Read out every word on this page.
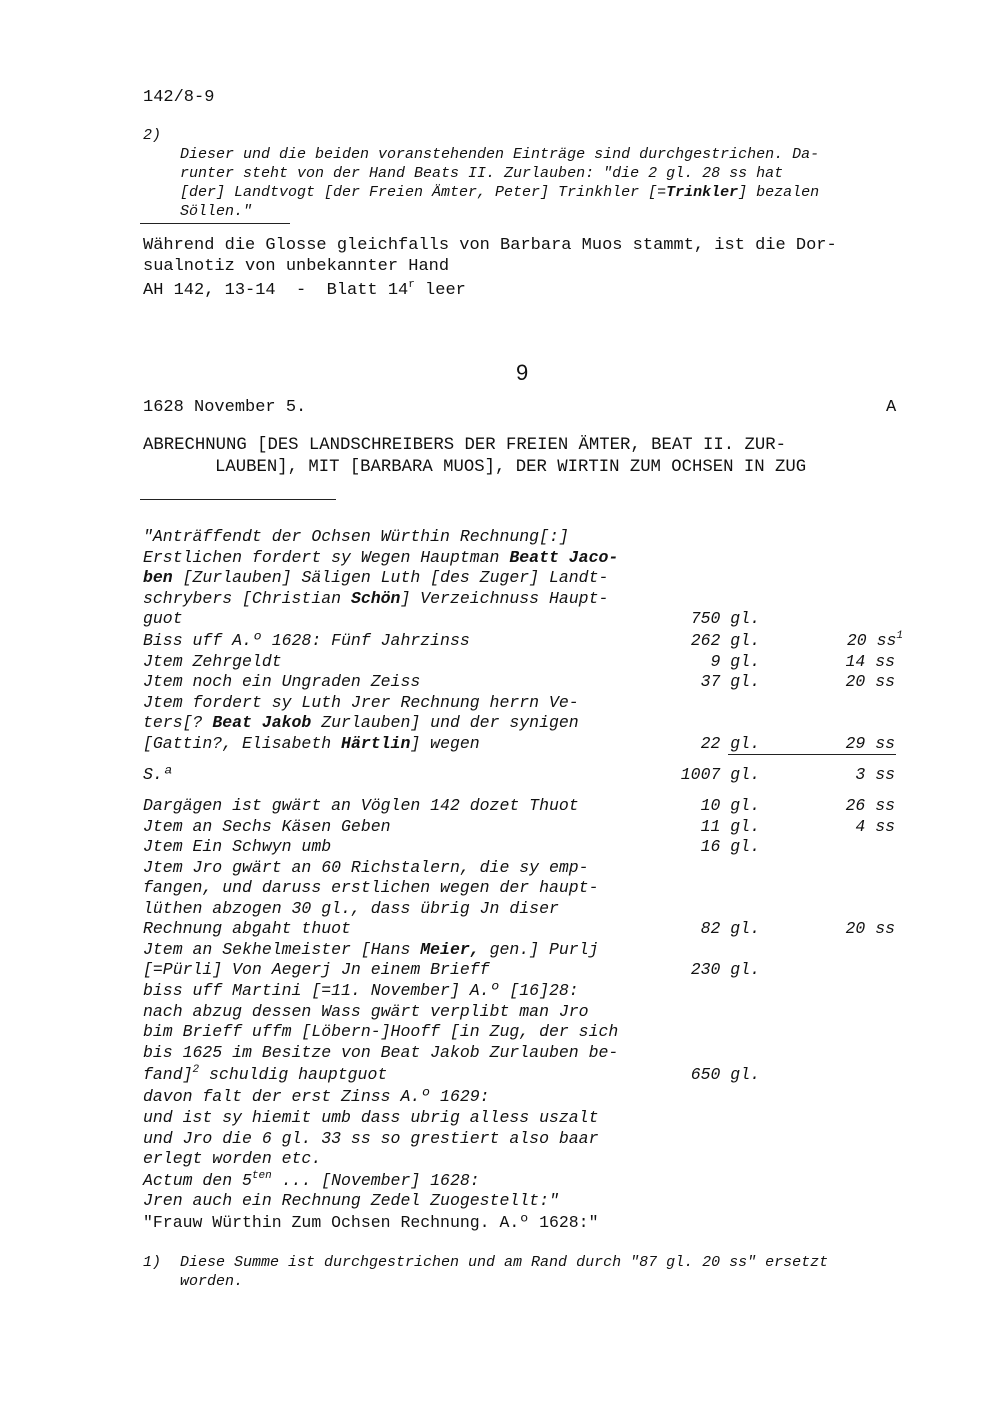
142/8-9
2)

Dieser und die beiden voranstehenden Einträge sind durchgestrichen. Da-
runter steht von der Hand Beats II. Zurlauben: "die 2 gl. 28 ss hat
[der] Landtvogt [der Freien Ämter, Peter] Trinkhler [=Trinkler] bezalen
Söllen."

Während die Glosse gleichfalls von Barbara Muos stammt, ist die Dor-
sualnotiz von unbekannter Hand
AH 142, 13-14  -  Blatt 14$^r$ leer
9
1628 November 5.	A
ABRECHNUNG [DES LANDSCHREIBERS DER FREIEN ÄMTER, BEAT II. ZUR-
LAUBEN], MIT [BARBARA MUOS], DER WIRTIN ZUM OCHSEN IN ZUG
"Anträffendt der Ochsen Würthin Rechnung[:]
Erstlichen fordert sy Wegen Hauptman Beatt Jaco-
ben [Zurlauben] Säligen Luth [des Zuger] Landt-
schrybers [Christian Schön] Verzeichnuss Haupt-
guot	750 gl.
Biss uff A.º 1628: Fünf Jahrzinss	262 gl.	20 $ss^1$
Jtem Zehrgeldt	9 gl.	14 ss
Jtem noch ein Ungraden Zeiss	37 gl.	20 ss
Jtem fordert sy Luth Jrer Rechnung herrn Ve-
ters[? Beat Jakob Zurlauben] und der synigen
[Gattin?, Elisabeth Härtlin] wegen	22 gl.	29 ss
S.ª	1007 gl.	3 ss
Dargägen ist gwärt an Vöglen 142 dozet Thuot	10 gl.	26 ss
Jtem an Sechs Käsen Geben	11 gl.	4 ss
Jtem Ein Schwyn umb	16 gl.
Jtem Jro gwärt an 60 Richstalern, die sy emp-
fangen, und daruss erstlichen wegen der haupt-
lüthen abzogen 30 gl., dass übrig Jn diser
Rechnung abgaht thuot	82 gl.	20 ss
Jtem an Sekhelmeister [Hans Meier, gen.] Purlj
[=Pürli] Von Aegerj Jn einem Brieff	230 gl.
biss uff Martini [=11. November] A.º [16]28:
nach abzug dessen Wass gwärt verplibt man Jro
bim Brieff uffm [Löbern-]Hooff [in Zug, der sich
bis 1625 im Besitze von Beat Jakob Zurlauben be-
fand]$^2$ schuldig hauptguot	650 gl.
davon falt der erst Zinss A.º 1629:
und ist sy hiemit umb dass ubrig alless uszalt
und Jro die 6 gl. 33 ss so grestiert also baar
erlegt worden etc.
Actum den $5^{ten}$ ... [November] 1628:
Jren auch ein Rechnung Zedel Zuogestellt:"
"Frauw Würthin Zum Ochsen Rechnung. A.º 1628:"
1) Diese Summe ist durchgestrichen und am Rand durch "87 gl. 20 ss" ersetzt
worden.
